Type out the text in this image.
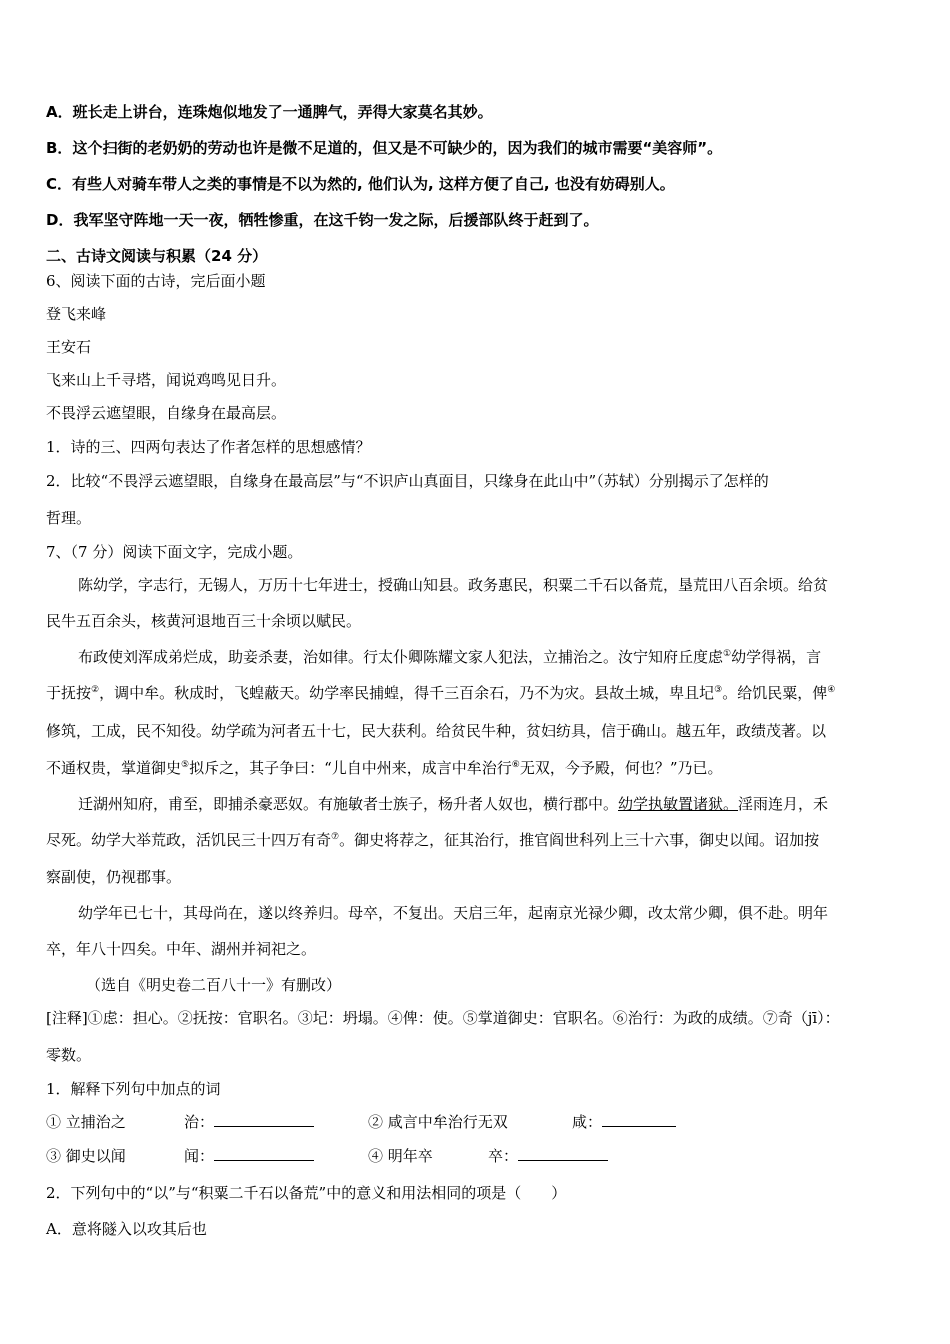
A．班长走上讲台，连珠炮似地发了一通脾气，弄得大家莫名其妙。
B．这个扫街的老奶奶的劳动也许是微不足道的，但又是不可缺少的，因为我们的城市需要“美容师”。
C．有些人对骑车带人之类的事情是不以为然的, 他们认为, 这样方便了自己, 也没有妨碍别人。
D．我军坚守阵地一天一夜，牺牲惨重，在这千钧一发之际，后援部队终于赶到了。
二、古诗文阅读与积累（24 分）
6、阅读下面的古诗，完后面小题
登飞来峰
王安石
飞来山上千寻塔，闻说鸡鸣见日升。
不畏浮云遮望眼，自缘身在最高层。
1．诗的三、四两句表达了作者怎样的思想感情？
2．比较“不畏浮云遮望眼，自缘身在最高层”与“不识庐山真面目，只缘身在此山中”（苏轼）分别揭示了怎样的
哲理。
7、（7 分）阅读下面文字，完成小题。
陈幼学，字志行，无锡人，万历十七年进士，授确山知县。政务惠民，积粟二千石以备荒，垦荒田八百余顷。给贫
民牛五百余头，核黄河退地百三十余顷以赋民。
布政使刘浑成弟烂成，助妾杀妻，治如律。行太仆卿陈耀文家人犯法，立捕治之。汝宁知府丘度虑①幼学得祸，言
于抚按②，调中牟。秋成时，飞蝗蔽天。幼学率民捕蝗，得千三百余石，乃不为灾。县故土城，卑且圮③。给饥民粟，俾④
修筑，工成，民不知役。幼学疏为河者五十七，民大获利。给贫民牛种，贫妇纺具，信于确山。越五年，政绩茂著。以
不通权贵，掌道御史⑤拟斥之，其子争曰：“儿自中州来，成言中牟治行⑥无双，今予殿，何也？”乃已。
迁湖州知府，甫至，即捕杀豪恶奴。有施敏者士族子，杨升者人奴也，横行郡中。幼学执敏置诸狱。淫雨连月，禾
尽死。幼学大举荒政，活饥民三十四万有奇⑦。御史将荐之，征其治行，推官阎世科列上三十六事，御史以闻。诏加按
察副使，仍视郡事。
幼学年已七十，其母尚在，遂以终养归。母卒，不复出。天启三年，起南京光禄少卿，改太常少卿，俱不赴。明年
卒，年八十四矣。中年、湖州并祠祀之。
（选自《明史卷二百八十一》有删改）
[注释]①虑：担心。②抚按：官职名。③圮：坍塌。④俾：使。⑤掌道御史：官职名。⑥治行：为政的成绩。⑦奇（jī）：
零数。
1．解释下列句中加点的词
① 立捕治之	治：	② 咸言中牟治行无双	咸：
③ 御史以闻	闻：	④ 明年卒	卒：
2．下列句中的“以”与“积粟二千石以备荒”中的意义和用法相同的项是（　　）
A．意将隧入以攻其后也
